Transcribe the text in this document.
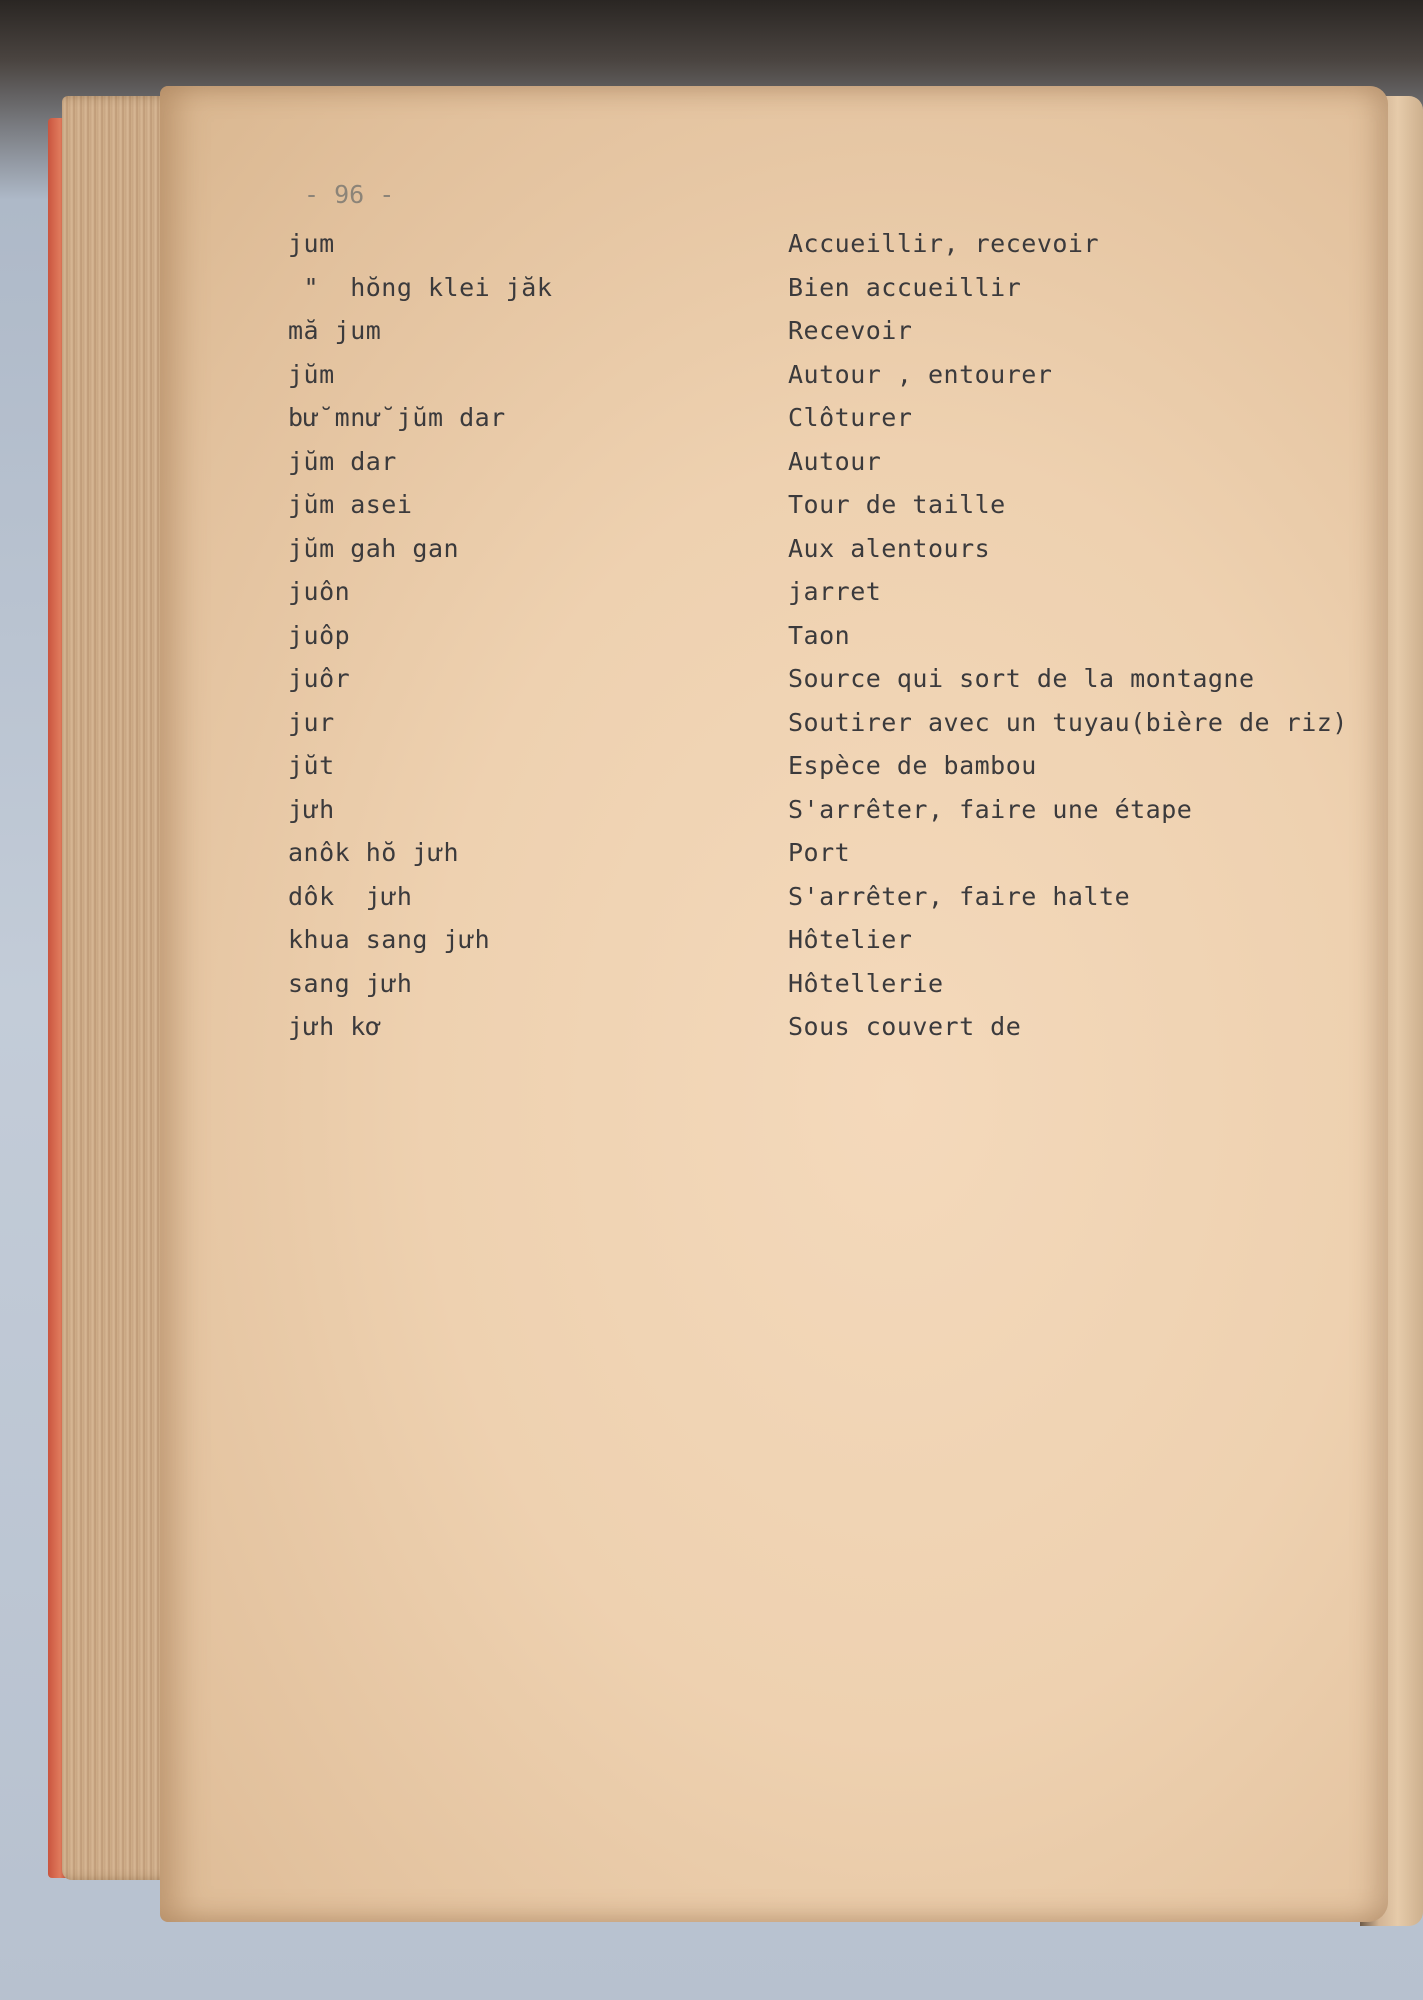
- 96 -
jum	Accueillir, recevoir
"  hŏng klei jăk	Bien accueillir
mă jum	Recevoir
jŭm	Autour , entourer
bư̆ mnư̆ jŭm dar	Clôturer
jŭm dar	Autour
jŭm asei	Tour de taille
jŭm gah gan	Aux alentours
juôn	jarret
juôp	Taon
juôr	Source qui sort de la montagne
jur	Soutirer avec un tuyau(bière de riz)
jŭt	Espèce de bambou
jưh	S'arrêter, faire une étape
anôk hŏ jưh	Port
dôk  jưh	S'arrêter, faire halte
khua sang jưh	Hôtelier
sang jưh	Hôtellerie
jưh kơ	Sous couvert de
